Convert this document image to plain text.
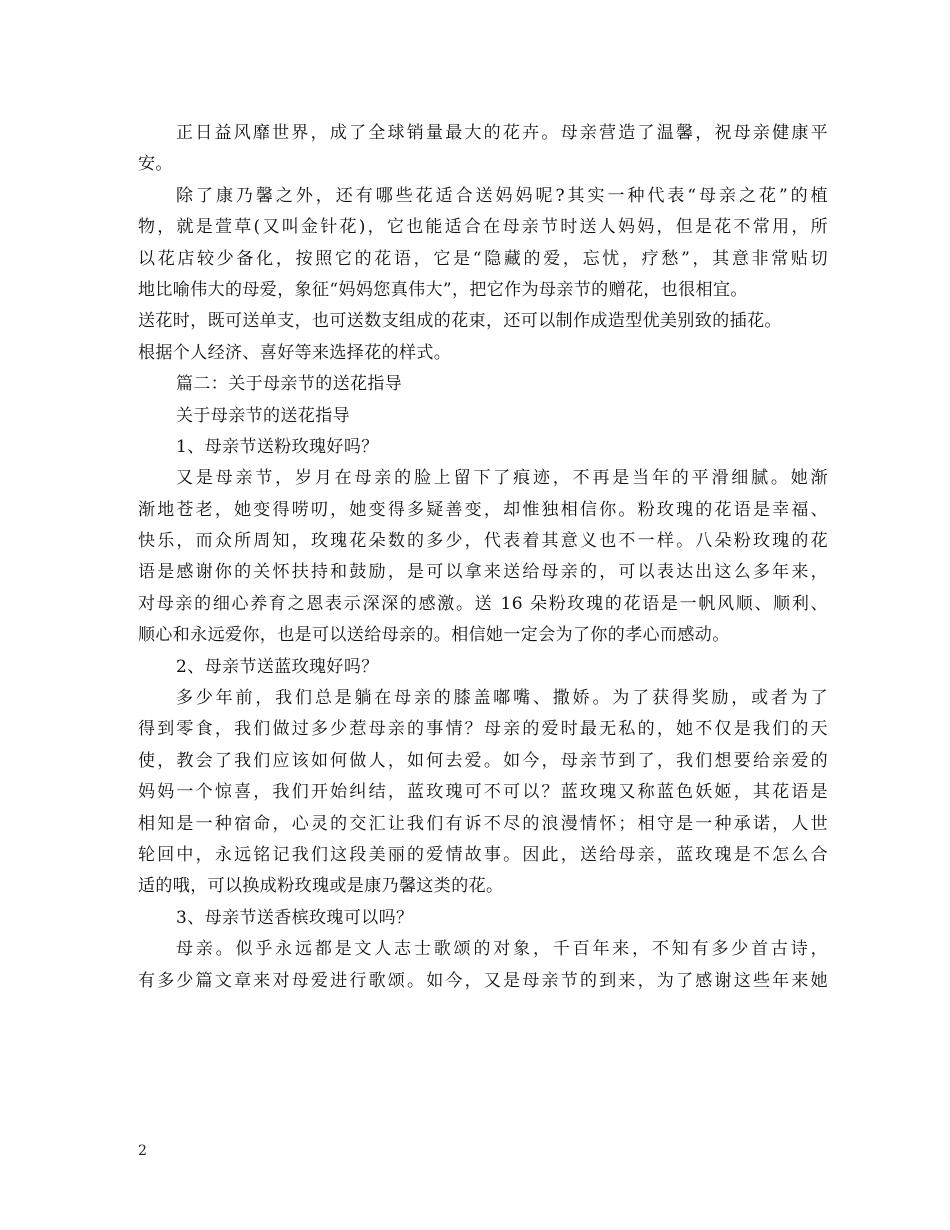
正日益风靡世界，成了全球销量最大的花卉。母亲营造了温馨，祝母亲健康平
安。
除了康乃馨之外，还有哪些花适合送妈妈呢?其实一种代表“母亲之花”的植
物，就是萱草(又叫金针花)，它也能适合在母亲节时送人妈妈，但是花不常用，所
以花店较少备化，按照它的花语，它是“隐藏的爱，忘忧，疗愁”，其意非常贴切
地比喻伟大的母爱，象征“妈妈您真伟大”，把它作为母亲节的赠花，也很相宜。
送花时，既可送单支，也可送数支组成的花束，还可以制作成造型优美别致的插花。
根据个人经济、喜好等来选择花的样式。
篇二：关于母亲节的送花指导
关于母亲节的送花指导
1、母亲节送粉玫瑰好吗？
又是母亲节，岁月在母亲的脸上留下了痕迹，不再是当年的平滑细腻。她渐
渐地苍老，她变得唠叨，她变得多疑善变，却惟独相信你。粉玫瑰的花语是幸福、
快乐，而众所周知，玫瑰花朵数的多少，代表着其意义也不一样。八朵粉玫瑰的花
语是感谢你的关怀扶持和鼓励，是可以拿来送给母亲的，可以表达出这么多年来，
对母亲的细心养育之恩表示深深的感激。送 16 朵粉玫瑰的花语是一帆风顺、顺利、
顺心和永远爱你，也是可以送给母亲的。相信她一定会为了你的孝心而感动。
2、母亲节送蓝玫瑰好吗？
多少年前，我们总是躺在母亲的膝盖嘟嘴、撒娇。为了获得奖励，或者为了
得到零食，我们做过多少惹母亲的事情？母亲的爱时最无私的，她不仅是我们的天
使，教会了我们应该如何做人，如何去爱。如今，母亲节到了，我们想要给亲爱的
妈妈一个惊喜，我们开始纠结，蓝玫瑰可不可以？蓝玫瑰又称蓝色妖姬，其花语是
相知是一种宿命，心灵的交汇让我们有诉不尽的浪漫情怀；相守是一种承诺，人世
轮回中，永远铭记我们这段美丽的爱情故事。因此，送给母亲，蓝玫瑰是不怎么合
适的哦，可以换成粉玫瑰或是康乃馨这类的花。
3、母亲节送香槟玫瑰可以吗？
母亲。似乎永远都是文人志士歌颂的对象，千百年来，不知有多少首古诗，
有多少篇文章来对母爱进行歌颂。如今，又是母亲节的到来，为了感谢这些年来她
2
